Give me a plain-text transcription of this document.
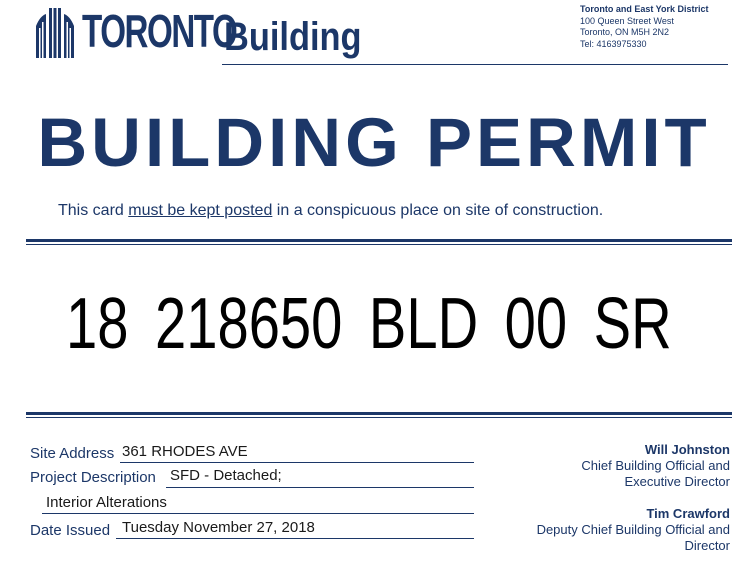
TORONTO
Building
Toronto and East York District
100 Queen Street West
Toronto, ON M5H 2N2
Tel: 4163975330
BUILDING PERMIT
This card must be kept posted in a conspicuous place on site of construction.
18 218650 BLD 00 SR
Site Address 361 RHODES AVE
Project Description SFD - Detached;
Interior Alterations
Date Issued Tuesday November 27, 2018
Will Johnston
Chief Building Official and
Executive Director
Tim Crawford
Deputy Chief Building Official and
Director
